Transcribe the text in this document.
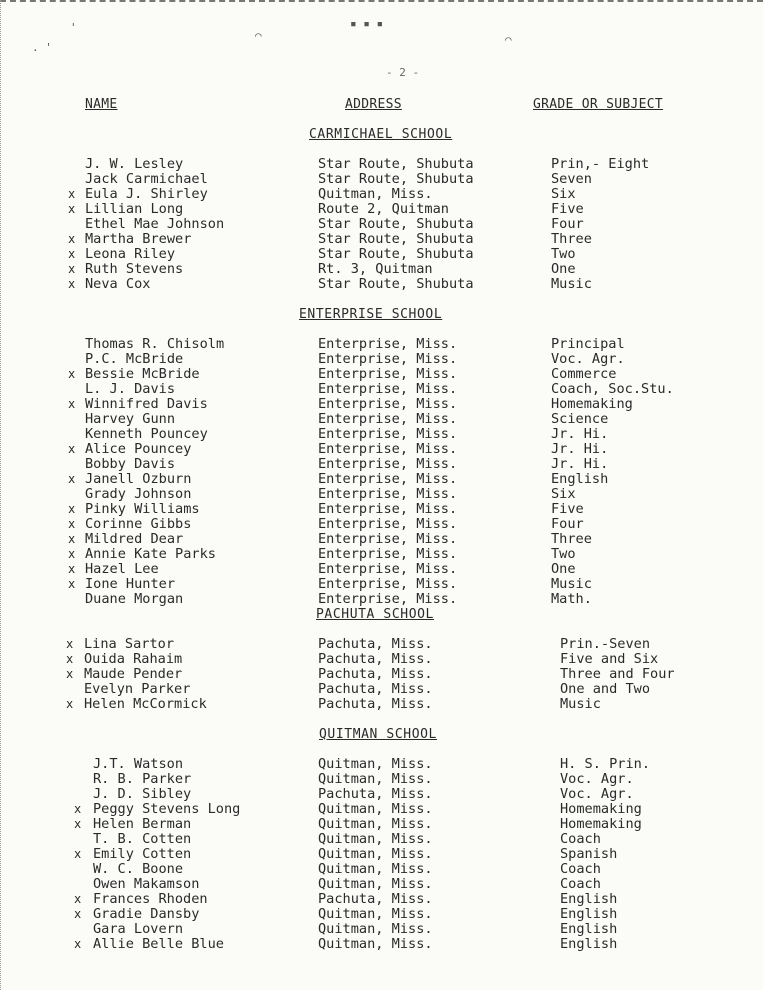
'
. '
⌒	⌒
▪ ▪ ▪
- 2 -
NAME	ADDRESS	GRADE OR SUBJECT
CARMICHAEL SCHOOL
J. W. Lesley	Star Route, Shubuta	Prin,- Eight
Jack Carmichael	Star Route, Shubuta	Seven
x Eula J. Shirley	Quitman, Miss.	Six
x Lillian Long	Route 2, Quitman	Five
Ethel Mae Johnson	Star Route, Shubuta	Four
x Martha Brewer	Star Route, Shubuta	Three
x Leona Riley	Star Route, Shubuta	Two
x Ruth Stevens	Rt. 3, Quitman	One
x Neva Cox	Star Route, Shubuta	Music
ENTERPRISE SCHOOL
Thomas R. Chisolm	Enterprise, Miss.	Principal
P.C. McBride	Enterprise, Miss.	Voc. Agr.
x Bessie McBride	Enterprise, Miss.	Commerce
L. J. Davis	Enterprise, Miss.	Coach, Soc.Stu.
x Winnifred Davis	Enterprise, Miss.	Homemaking
Harvey Gunn	Enterprise, Miss.	Science
Kenneth Pouncey	Enterprise, Miss.	Jr. Hi.
x Alice Pouncey	Enterprise, Miss.	Jr. Hi.
Bobby Davis	Enterprise, Miss.	Jr. Hi.
x Janell Ozburn	Enterprise, Miss.	English
Grady Johnson	Enterprise, Miss.	Six
x Pinky Williams	Enterprise, Miss.	Five
x Corinne Gibbs	Enterprise, Miss.	Four
x Mildred Dear	Enterprise, Miss.	Three
x Annie Kate Parks	Enterprise, Miss.	Two
x Hazel Lee	Enterprise, Miss.	One
x Ione Hunter	Enterprise, Miss.	Music
Duane Morgan	Enterprise, Miss.	Math.
PACHUTA SCHOOL
x Lina Sartor	Pachuta, Miss.	Prin.-Seven
x Ouida Rahaim	Pachuta, Miss.	Five and Six
x Maude Pender	Pachuta, Miss.	Three and Four
Evelyn Parker	Pachuta, Miss.	One and Two
x Helen McCormick	Pachuta, Miss.	Music
QUITMAN SCHOOL
J.T. Watson	Quitman, Miss.	H. S. Prin.
R. B. Parker	Quitman, Miss.	Voc. Agr.
J. D. Sibley	Pachuta, Miss.	Voc. Agr.
x Peggy Stevens Long	Quitman, Miss.	Homemaking
x Helen Berman	Quitman, Miss.	Homemaking
T. B. Cotten	Quitman, Miss.	Coach
x Emily Cotten	Quitman, Miss.	Spanish
W. C. Boone	Quitman, Miss.	Coach
Owen Makamson	Quitman, Miss.	Coach
x Frances Rhoden	Pachuta, Miss.	English
x Gradie Dansby	Quitman, Miss.	English
Gara Lovern	Quitman, Miss.	English
x Allie Belle Blue	Quitman, Miss.	English
